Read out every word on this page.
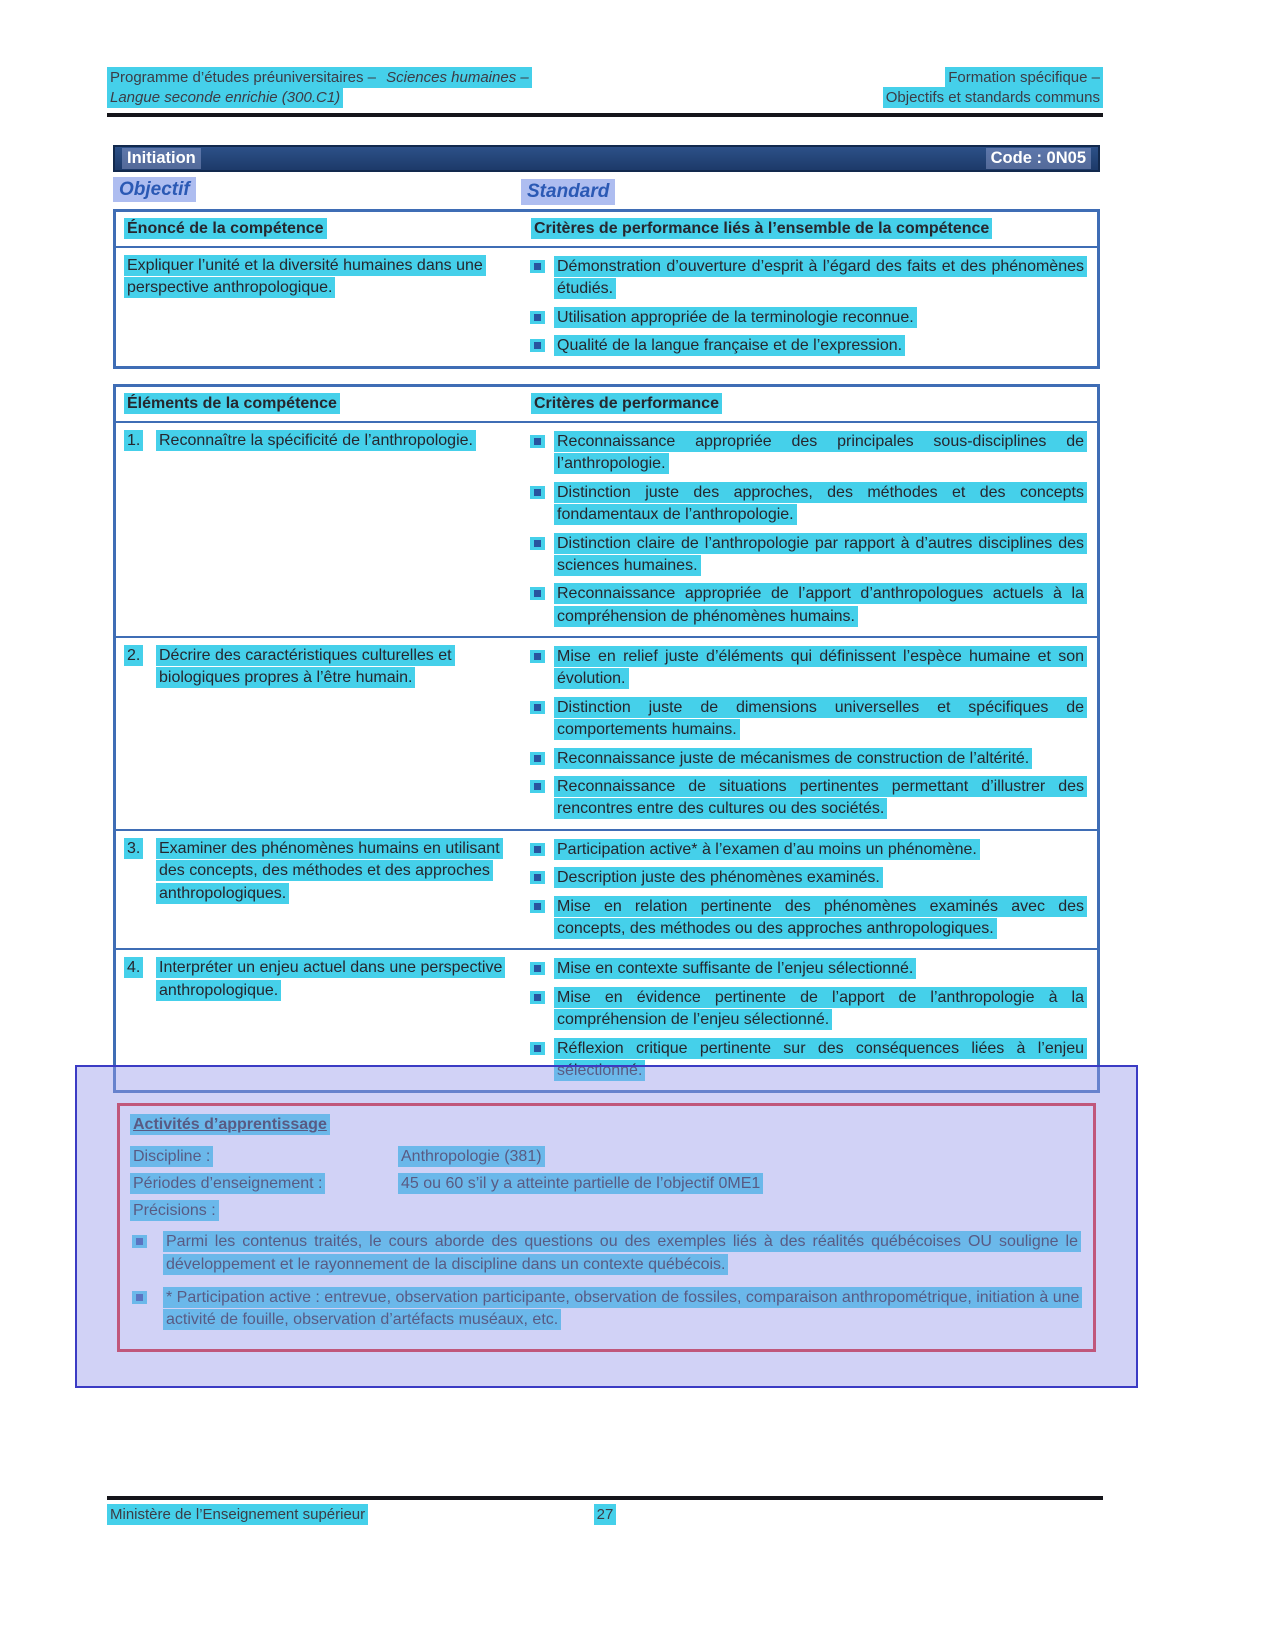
Programme d’études préuniversitaires – Sciences humaines –
Langue seconde enrichie (300.C1)
Formation spécifique –
Objectifs et standards communs
Initiation	Code : 0N05
Objectif	Standard
Énoncé de la compétence	Critères de performance liés à l’ensemble de la compétence

Expliquer l’unité et la diversité humaines dans une perspective anthropologique.

Démonstration d’ouverture d’esprit à l’égard des faits et des phénomènes étudiés.

Utilisation appropriée de la terminologie reconnue.

Qualité de la langue française et de l’expression.

Éléments de la compétence	Critères de performance
1.	Reconnaître la spécificité de l’anthropologie.	Reconnaissance appropriée des principales sous-disciplines de l’anthropologie.

Distinction juste des approches, des méthodes et des concepts fondamentaux de l’anthropologie.

Distinction claire de l’anthropologie par rapport à d’autres disciplines des sciences humaines.

Reconnaissance appropriée de l’apport d’anthropologues actuels à la compréhension de phénomènes humains.

2.	Décrire des caractéristiques culturelles et biologiques propres à l’être humain.

Mise en relief juste d’éléments qui définissent l’espèce humaine et son évolution.

Distinction juste de dimensions universelles et spécifiques de comportements humains.

Reconnaissance juste de mécanismes de construction de l’altérité.

Reconnaissance de situations pertinentes permettant d’illustrer des rencontres entre des cultures ou des sociétés.

3.	Examiner des phénomènes humains en utilisant des concepts, des méthodes et des approches anthropologiques.

Participation active* à l’examen d’au moins un phénomène.

Description juste des phénomènes examinés.

Mise en relation pertinente des phénomènes examinés avec des concepts, des méthodes ou des approches anthropologiques.

4.	Interpréter un enjeu actuel dans une perspective anthropologique.

Mise en contexte suffisante de l’enjeu sélectionné.

Mise en évidence pertinente de l’apport de l’anthropologie à la compréhension de l’enjeu sélectionné.

Réflexion critique pertinente sur des conséquences liées à l’enjeu sélectionné.

Activités d’apprentissage

Discipline :	Anthropologie (381)

Périodes d’enseignement :	45 ou 60 s’il y a atteinte partielle de l’objectif 0ME1

Précisions :

Parmi les contenus traités, le cours aborde des questions ou des exemples liés à des réalités québécoises OU souligne le développement et le rayonnement de la discipline dans un contexte québécois.

* Participation active : entrevue, observation participante, observation de fossiles, comparaison anthropométrique, initiation à une activité de fouille, observation d’artéfacts muséaux, etc.

Ministère de l’Enseignement supérieur	27
